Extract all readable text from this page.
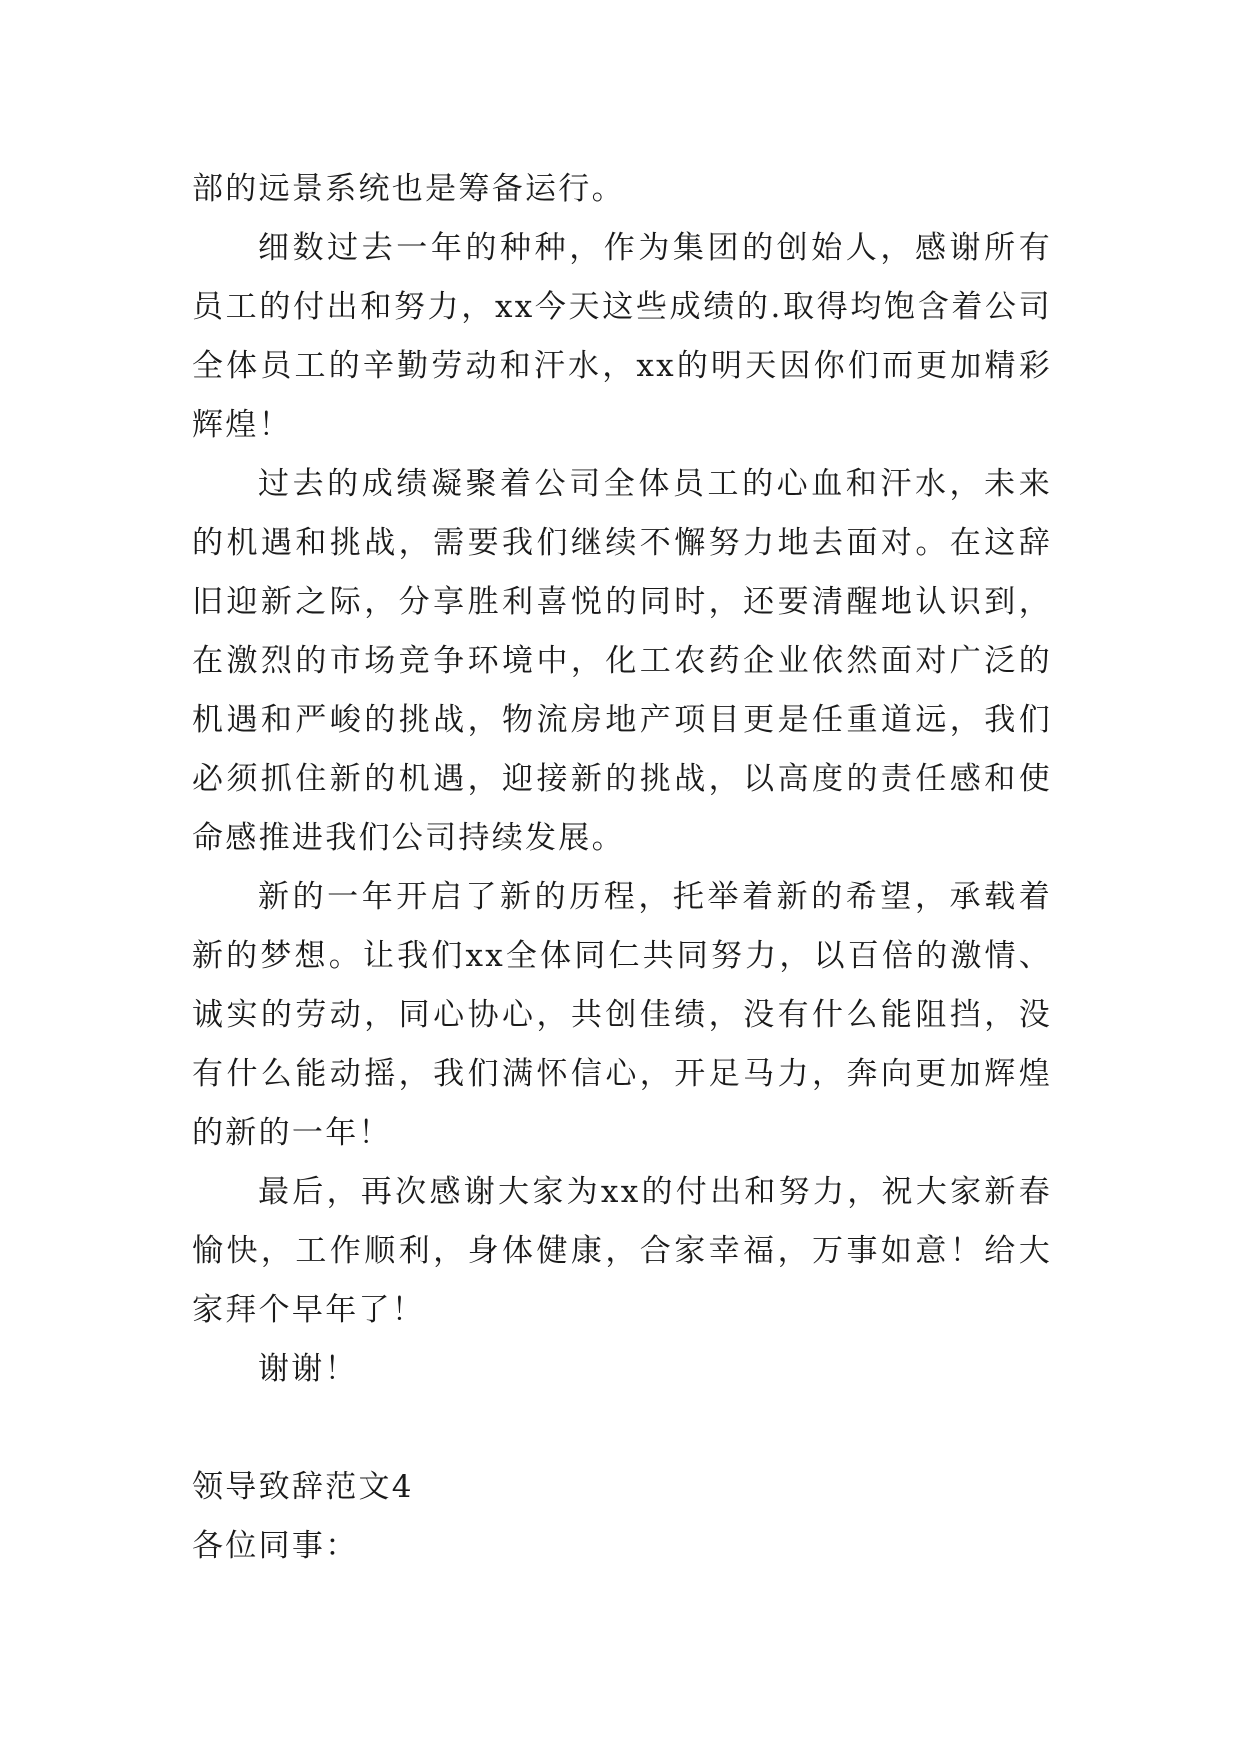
部的远景系统也是筹备运行。

细数过去一年的种种，作为集团的创始人，感谢所有员工的付出和努力，xx今天这些成绩的.取得均饱含着公司全体员工的辛勤劳动和汗水，xx的明天因你们而更加精彩辉煌！

过去的成绩凝聚着公司全体员工的心血和汗水，未来的机遇和挑战，需要我们继续不懈努力地去面对。在这辞旧迎新之际，分享胜利喜悦的同时，还要清醒地认识到，在激烈的市场竞争环境中，化工农药企业依然面对广泛的机遇和严峻的挑战，物流房地产项目更是任重道远，我们必须抓住新的机遇，迎接新的挑战，以高度的责任感和使命感推进我们公司持续发展。

新的一年开启了新的历程，托举着新的希望，承载着新的梦想。让我们xx全体同仁共同努力，以百倍的激情、诚实的劳动，同心协心，共创佳绩，没有什么能阻挡，没有什么能动摇，我们满怀信心，开足马力，奔向更加辉煌的新的一年！

最后，再次感谢大家为xx的付出和努力，祝大家新春愉快，工作顺利，身体健康，合家幸福，万事如意！给大家拜个早年了！

谢谢！

领导致辞范文4

各位同事：
